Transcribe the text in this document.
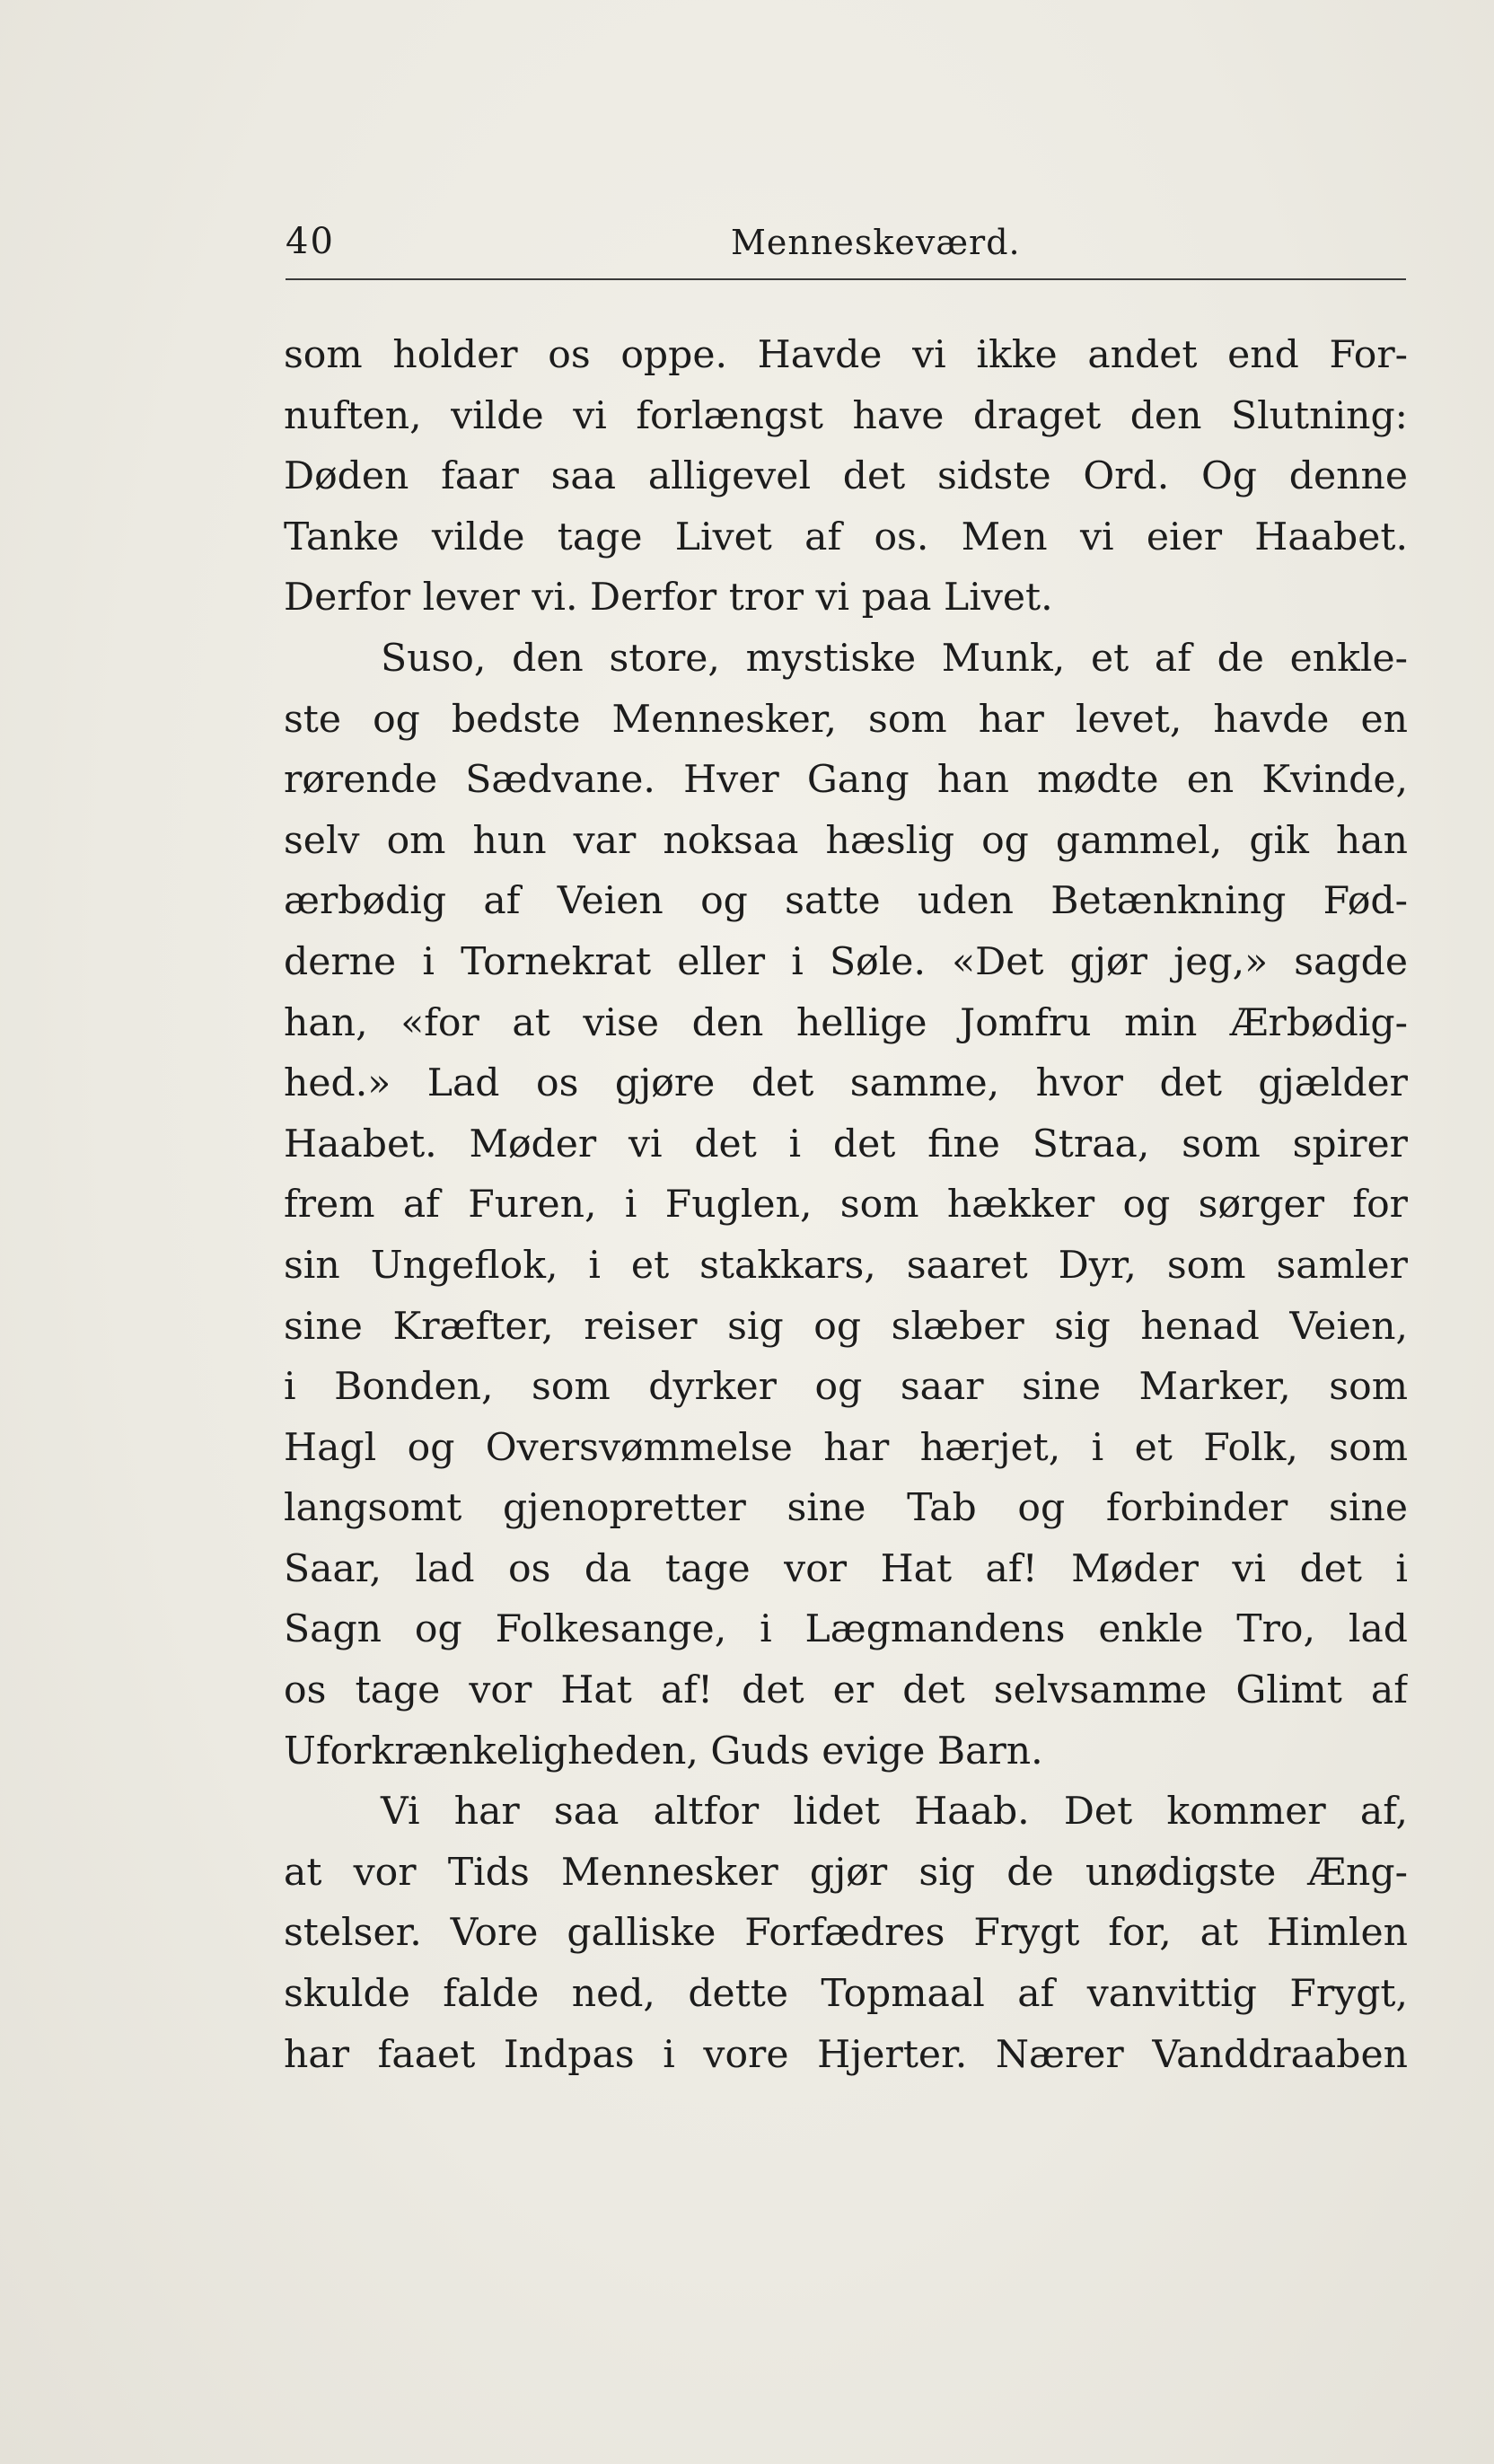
40	Menneskeværd.
som holder os oppe. Havde vi ikke andet end For-
nuften, vilde vi forlængst have draget den Slutning:
Døden faar saa alligevel det sidste Ord. Og denne
Tanke vilde tage Livet af os. Men vi eier Haabet.
Derfor lever vi. Derfor tror vi paa Livet.
Suso, den store, mystiske Munk, et af de enkle-
ste og bedste Mennesker, som har levet, havde en
rørende Sædvane. Hver Gang han mødte en Kvinde,
selv om hun var noksaa hæslig og gammel, gik han
ærbødig af Veien og satte uden Betænkning Fød-
derne i Tornekrat eller i Søle. «Det gjør jeg,» sagde
han, «for at vise den hellige Jomfru min Ærbødig-
hed.» Lad os gjøre det samme, hvor det gjælder
Haabet. Møder vi det i det fine Straa, som spirer
frem af Furen, i Fuglen, som hækker og sørger for
sin Ungeflok, i et stakkars, saaret Dyr, som samler
sine Kræfter, reiser sig og slæber sig henad Veien,
i Bonden, som dyrker og saar sine Marker, som
Hagl og Oversvømmelse har hærjet, i et Folk, som
langsomt gjenopretter sine Tab og forbinder sine
Saar, lad os da tage vor Hat af! Møder vi det i
Sagn og Folkesange, i Lægmandens enkle Tro, lad
os tage vor Hat af! det er det selvsamme Glimt af
Uforkrænkeligheden, Guds evige Barn.
Vi har saa altfor lidet Haab. Det kommer af,
at vor Tids Mennesker gjør sig de unødigste Æng-
stelser. Vore galliske Forfædres Frygt for, at Himlen
skulde falde ned, dette Topmaal af vanvittig Frygt,
har faaet Indpas i vore Hjerter. Nærer Vanddraaben
